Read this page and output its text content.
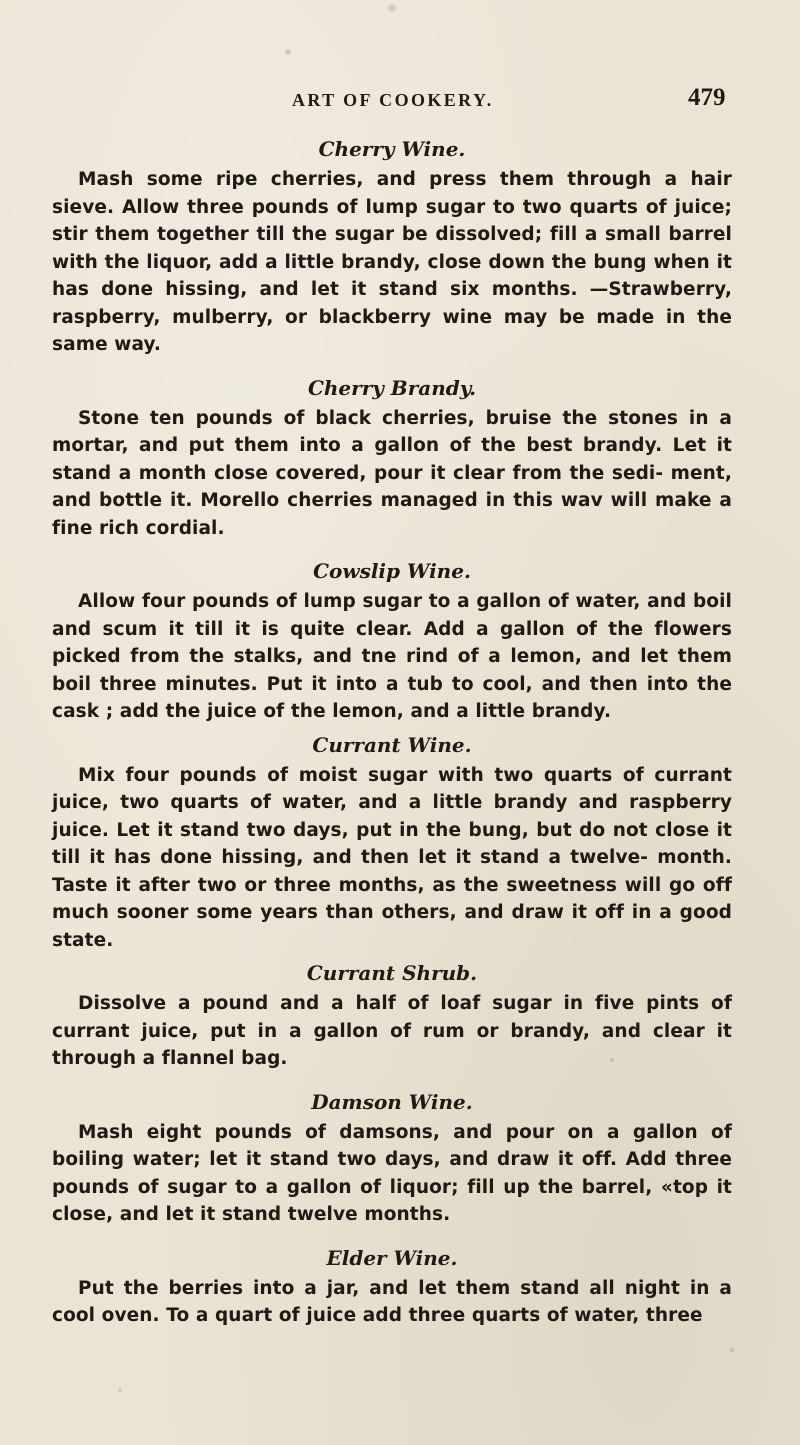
ART OF COOKERY.	479

Cherry Wine.

Mash some ripe cherries, and press them through a hair sieve. Allow three pounds of lump sugar to two quarts of juice; stir them together till the sugar be dissolved; fill a small barrel with the liquor, add a little brandy, close down the bung when it has done hissing, and let it stand six months. —Strawberry, raspberry, mulberry, or blackberry wine may be made in the same way.

Cherry Brandy.

Stone ten pounds of black cherries, bruise the stones in a mortar, and put them into a gallon of the best brandy. Let it stand a month close covered, pour it clear from the sedi- ment, and bottle it. Morello cherries managed in this wav will make a fine rich cordial.

Cowslip Wine.

Allow four pounds of lump sugar to a gallon of water, and boil and scum it till it is quite clear. Add a gallon of the flowers picked from the stalks, and tne rind of a lemon, and let them boil three minutes. Put it into a tub to cool, and then into the cask ; add the juice of the lemon, and a little brandy.

Currant Wine.

Mix four pounds of moist sugar with two quarts of currant juice, two quarts of water, and a little brandy and raspberry juice. Let it stand two days, put in the bung, but do not close it till it has done hissing, and then let it stand a twelve- month. Taste it after two or three months, as the sweetness will go off much sooner some years than others, and draw it off in a good state.

Currant Shrub.

Dissolve a pound and a half of loaf sugar in five pints of currant juice, put in a gallon of rum or brandy, and clear it through a flannel bag.

Damson Wine.

Mash eight pounds of damsons, and pour on a gallon of boiling water; let it stand two days, and draw it off. Add three pounds of sugar to a gallon of liquor; fill up the barrel, «top it close, and let it stand twelve months.

Elder Wine.

Put the berries into a jar, and let them stand all night in a cool oven. To a quart of juice add three quarts of water, three
